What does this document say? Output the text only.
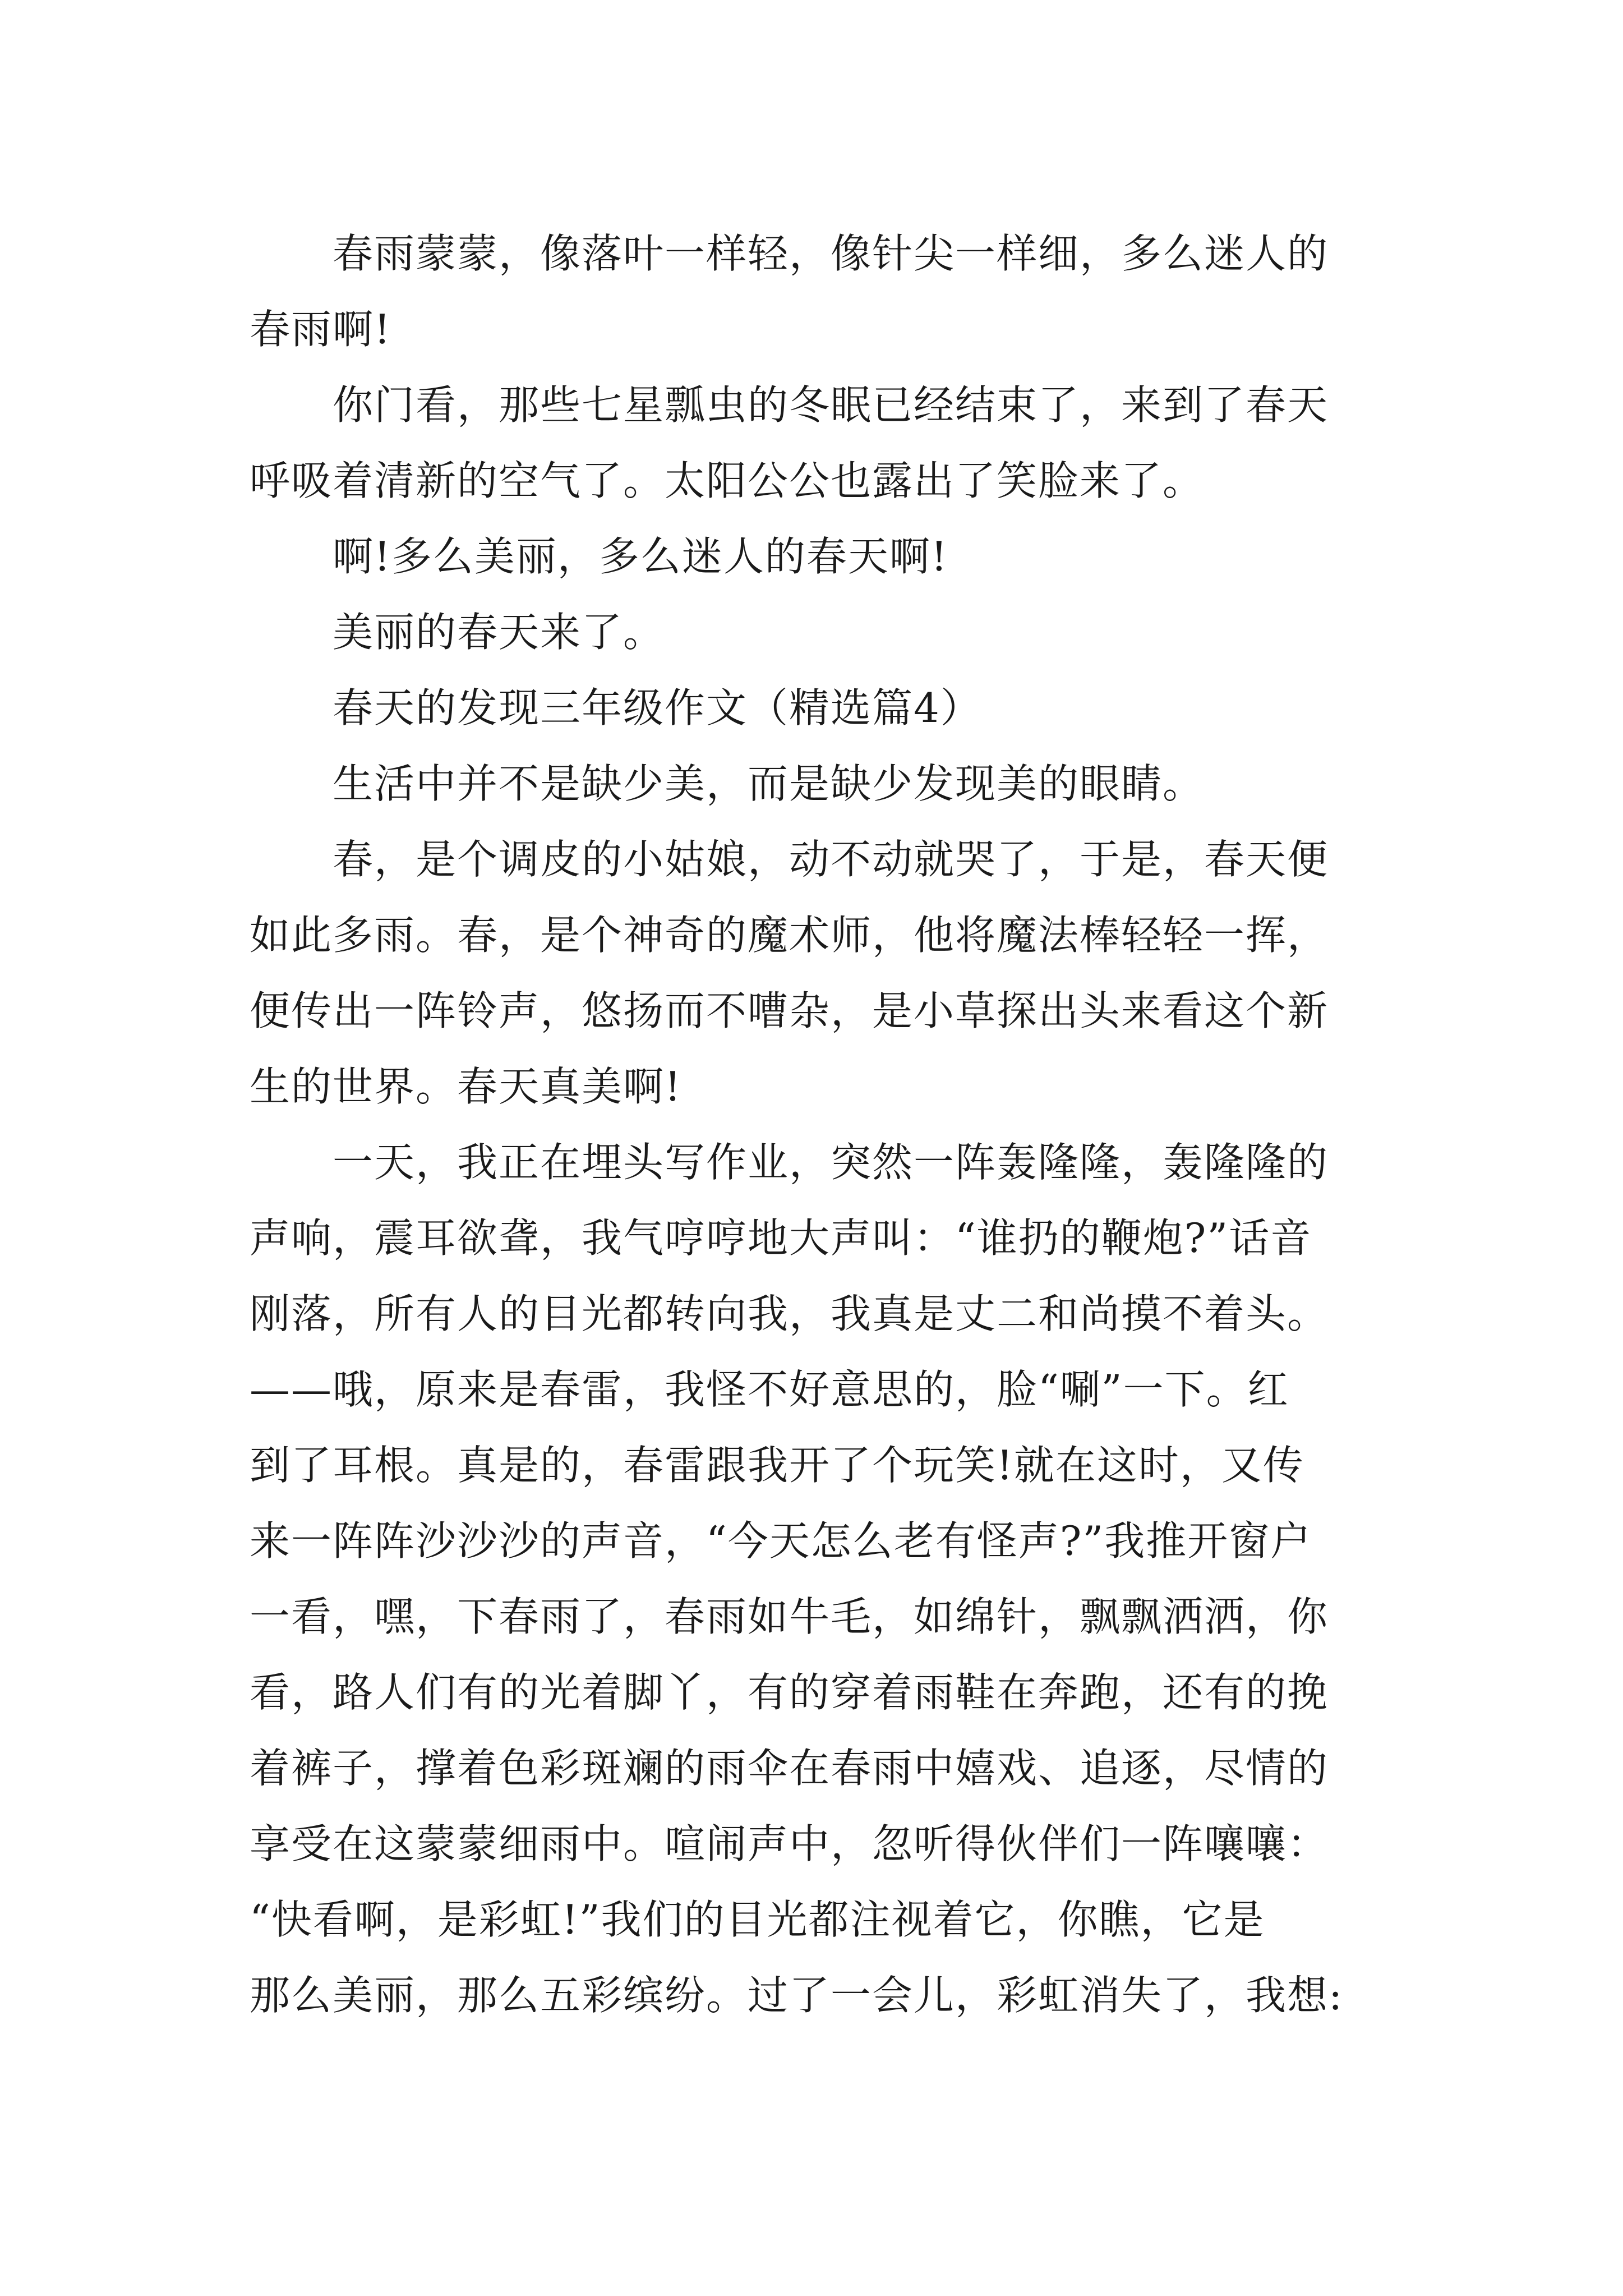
春雨蒙蒙，像落叶一样轻，像针尖一样细，多么迷人的
春雨啊!
你门看，那些七星瓢虫的冬眠已经结束了，来到了春天
呼吸着清新的空气了。太阳公公也露出了笑脸来了。
啊!多么美丽，多么迷人的春天啊!
美丽的春天来了。
春天的发现三年级作文（精选篇4）
生活中并不是缺少美，而是缺少发现美的眼睛。
春，是个调皮的小姑娘，动不动就哭了，于是，春天便
如此多雨。春，是个神奇的魔术师，他将魔法棒轻轻一挥，
便传出一阵铃声，悠扬而不嘈杂，是小草探出头来看这个新
生的世界。春天真美啊!
一天，我正在埋头写作业，突然一阵轰隆隆，轰隆隆的
声响，震耳欲聋，我气哼哼地大声叫：“谁扔的鞭炮?”话音
刚落，所有人的目光都转向我，我真是丈二和尚摸不着头。
——哦，原来是春雷，我怪不好意思的，脸“唰”一下。红
到了耳根。真是的，春雷跟我开了个玩笑!就在这时，又传
来一阵阵沙沙沙的声音，“今天怎么老有怪声?”我推开窗户
一看，嘿，下春雨了，春雨如牛毛，如绵针，飘飘洒洒，你
看，路人们有的光着脚丫，有的穿着雨鞋在奔跑，还有的挽
着裤子，撑着色彩斑斓的雨伞在春雨中嬉戏、追逐，尽情的
享受在这蒙蒙细雨中。喧闹声中，忽听得伙伴们一阵嚷嚷：
“快看啊，是彩虹!”我们的目光都注视着它，你瞧，它是
那么美丽，那么五彩缤纷。过了一会儿，彩虹消失了，我想:
